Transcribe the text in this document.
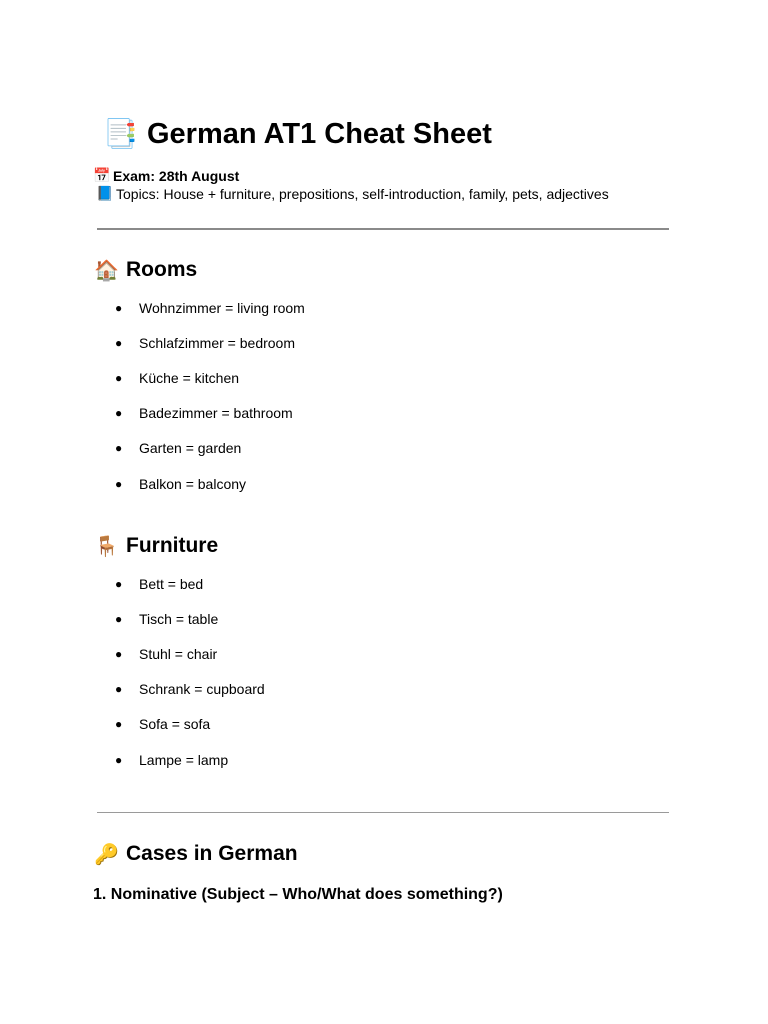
📑 German AT1 Cheat Sheet
📅 Exam: 28th August
📘 Topics: House + furniture, prepositions, self-introduction, family, pets, adjectives
🏠 Rooms
●	Wohnzimmer = living room
●	Schlafzimmer = bedroom
●	Küche = kitchen
●	Badezimmer = bathroom
●	Garten = garden
●	Balkon = balcony
🪑 Furniture
●	Bett = bed
●	Tisch = table
●	Stuhl = chair
●	Schrank = cupboard
●	Sofa = sofa
●	Lampe = lamp
🔑 Cases in German
1. Nominative (Subject – Who/What does something?)
